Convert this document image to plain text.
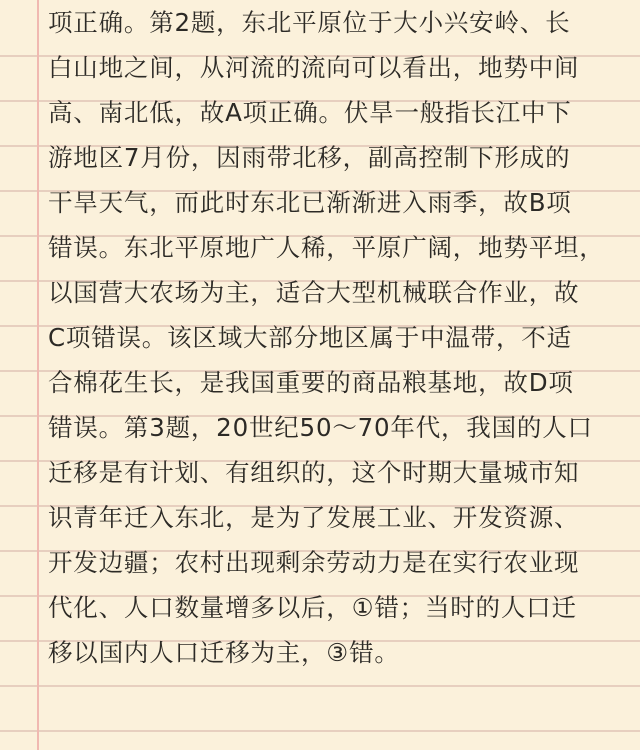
项正确。第2题，东北平原位于大小兴安岭、长
白山地之间，从河流的流向可以看出，地势中间
高、南北低，故A项正确。伏旱一般指长江中下
游地区7月份，因雨带北移，副高控制下形成的
干旱天气，而此时东北已渐渐进入雨季，故B项
错误。东北平原地广人稀，平原广阔，地势平坦，
以国营大农场为主，适合大型机械联合作业，故
C项错误。该区域大部分地区属于中温带，不适
合棉花生长，是我国重要的商品粮基地，故D项
错误。第3题，20世纪50～70年代，我国的人口
迁移是有计划、有组织的，这个时期大量城市知
识青年迁入东北，是为了发展工业、开发资源、
开发边疆；农村出现剩余劳动力是在实行农业现
代化、人口数量增多以后，①错；当时的人口迁
移以国内人口迁移为主，③错。
